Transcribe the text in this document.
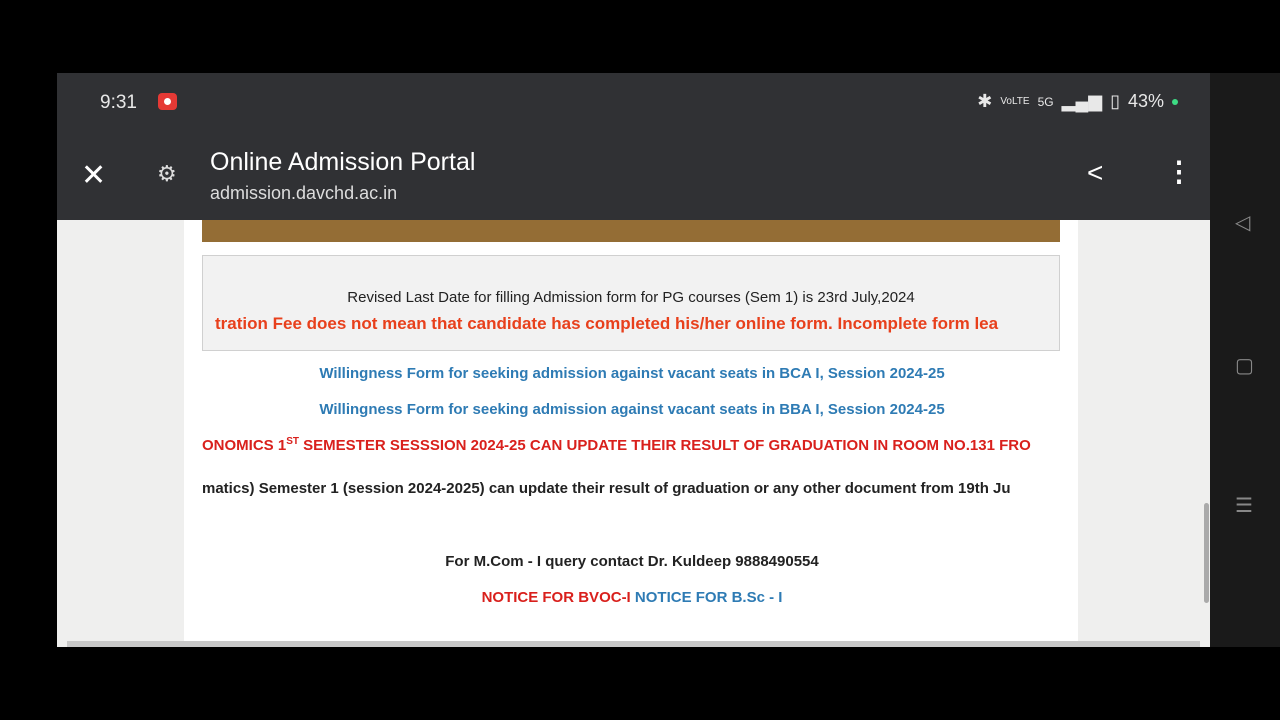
9:31	✱ VoLTE 5G ▂▄▆ ▯ 43%
✕ ⚙ Online Admission Portal
admission.davchd.ac.in
< ⋮
Revised Last Date for filling Admission form for PG courses (Sem 1) is 23rd July,2024
tration Fee does not mean that candidate has completed his/her online form. Incomplete form lea
Willingness Form for seeking admission against vacant seats in BCA I, Session 2024-25
Willingness Form for seeking admission against vacant seats in BBA I, Session 2024-25
ONOMICS 1ST SEMESTER SESSSION 2024-25 CAN UPDATE THEIR RESULT OF GRADUATION IN ROOM NO.131 FRO
matics) Semester 1 (session 2024-2025) can update their result of graduation or any other document from 19th Ju
For M.Com - I query contact Dr. Kuldeep 9888490554
NOTICE FOR BVOC-I NOTICE FOR B.Sc - I
◁
▢
☰
